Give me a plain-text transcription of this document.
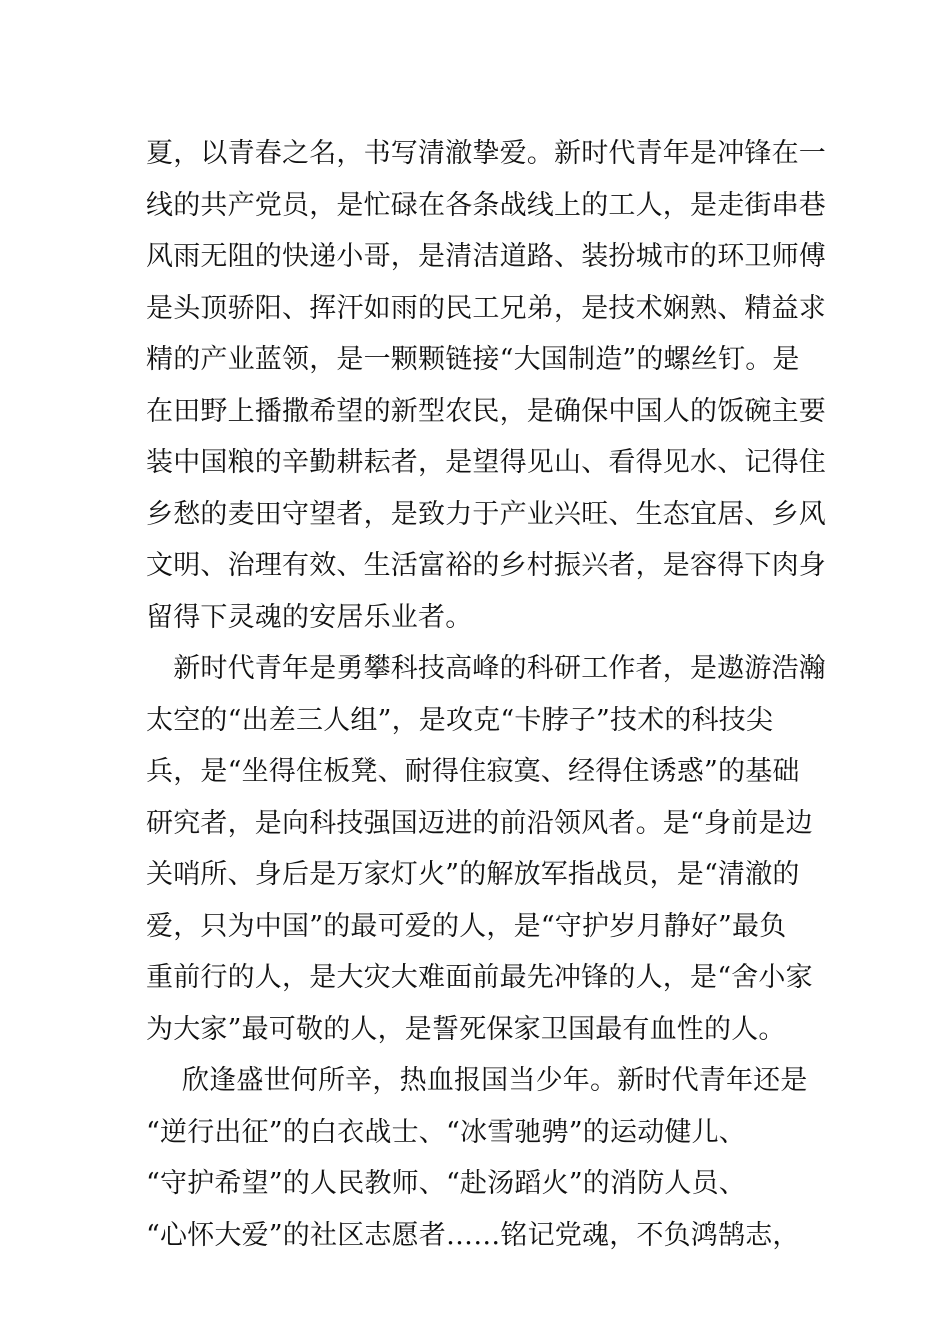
夏，以青春之名，书写清澈挚爱。新时代青年是冲锋在一
线的共产党员，是忙碌在各条战线上的工人，是走街串巷
风雨无阻的快递小哥，是清洁道路、装扮城市的环卫师傅
是头顶骄阳、挥汗如雨的民工兄弟，是技术娴熟、精益求
精的产业蓝领，是一颗颗链接“大国制造”的螺丝钉。是
在田野上播撒希望的新型农民，是确保中国人的饭碗主要
装中国粮的辛勤耕耘者，是望得见山、看得见水、记得住
乡愁的麦田守望者，是致力于产业兴旺、生态宜居、乡风
文明、治理有效、生活富裕的乡村振兴者，是容得下肉身
留得下灵魂的安居乐业者。
　新时代青年是勇攀科技高峰的科研工作者，是遨游浩瀚
太空的“出差三人组”，是攻克“卡脖子”技术的科技尖
兵，是“坐得住板凳、耐得住寂寞、经得住诱惑”的基础
研究者，是向科技强国迈进的前沿领风者。是“身前是边
关哨所、身后是万家灯火”的解放军指战员，是“清澈的
爱，只为中国”的最可爱的人，是“守护岁月静好”最负
重前行的人，是大灾大难面前最先冲锋的人，是“舍小家
为大家”最可敬的人，是誓死保家卫国最有血性的人。
　 欣逢盛世何所辛，热血报国当少年。新时代青年还是
“逆行出征”的白衣战士、“冰雪驰骋”的运动健儿、
“守护希望”的人民教师、“赴汤蹈火”的消防人员、
“心怀大爱”的社区志愿者……铭记党魂，不负鸿鹄志，
